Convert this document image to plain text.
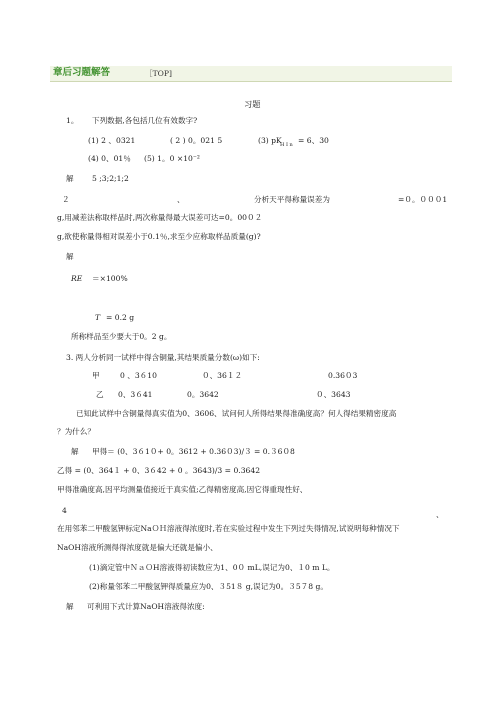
章后习题解答	［TOP]
习题
1。 下列数据,各包括几位有效数字?
(1) 2 、0321	( 2 ) 0。021 5	(3) pK
H I n = 6、30
(4) 0、01％ (5) 1。0 ×10⁻²
解 5 ;3;2;1;2
２	、	分析天平得称量误差为	=０。０００1
g,用减差法称取样品时,两次称量得最大误差可达=0。00０２
g,欲使称量得相对误差小于0.1％,求至少应称取样品质量(g)?
解
RE ＝×100%
T = 0.2 g
所称样品至少要大于0。2 g。
3. 两人分析同一试样中得含铜量,其结果质量分数(ω)如下:
甲	0 、3６10	０、36１２	0.36０3
乙 0、3６41	0。3642	０、3643
已知此试样中含铜量得真实值为0、3606、试问何人所得结果得准确度高？何人得结果精密度高
？为什么？
解 甲得＝ (0、3６1０+ 0。3612 + 0.36０3)/３ = 0.３6０8
乙得 = (0、364１ + 0、3６42 + 0 。3643)/3 = 0.3642
甲得准确度高,因平均测量值接近于真实值;乙得精密度高,因它得重现性好、
4	、
在用邻苯二甲酸氢钾标定NaＯＨ溶液得浓度时,若在实验过程中发生下列过失得情况,试说明每种情况下
NaOH溶液所测得得浓度就是偏大还就是偏小、
(1)滴定管中ＮａＯH溶液得初读数应为1、0０ mL,误记为0、１0 m L。
(2)称量邻苯二甲酸氢钾得质量应为0、３51８ g,误记为0。３5７8 g。
解 可利用下式计算NaOH溶液得浓度:
